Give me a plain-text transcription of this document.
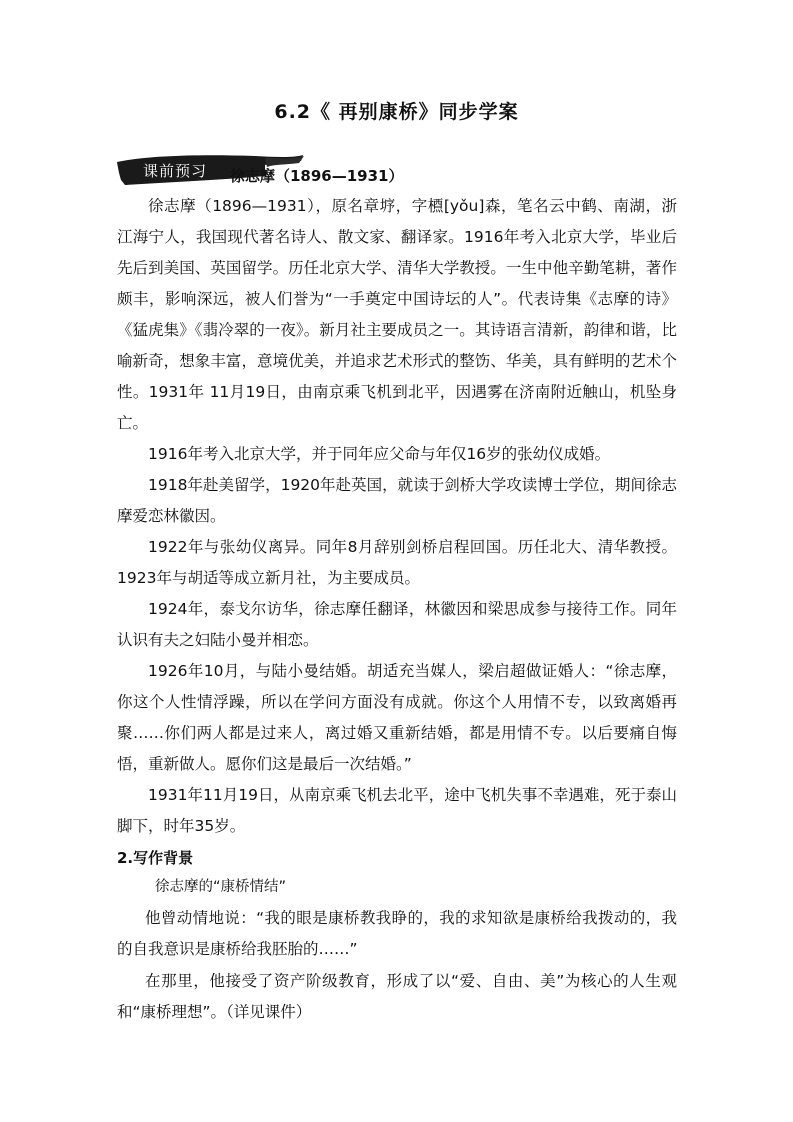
6.2《 再别康桥》同步学案
课前预习 徐志摩（1896—1931）

徐志摩（1896—1931），原名章垿，字槱[yǒu]森，笔名云中鹤、南湖，浙江海宁人，我国现代著名诗人、散文家、翻译家。1916年考入北京大学，毕业后先后到美国、英国留学。历任北京大学、清华大学教授。一生中他辛勤笔耕，著作颇丰，影响深远，被人们誉为“一手奠定中国诗坛的人”。代表诗集《志摩的诗》《猛虎集》《翡冷翠的一夜》。新月社主要成员之一。其诗语言清新，韵律和谐，比喻新奇，想象丰富，意境优美，并追求艺术形式的整饬、华美，具有鲜明的艺术个性。1931年 11月19日，由南京乘飞机到北平，因遇雾在济南附近触山，机坠身亡。

1916年考入北京大学，并于同年应父命与年仅16岁的张幼仪成婚。

1918年赴美留学，1920年赴英国，就读于剑桥大学攻读博士学位，期间徐志摩爱恋林徽因。

1922年与张幼仪离异。同年8月辞别剑桥启程回国。历任北大、清华教授。1923年与胡适等成立新月社，为主要成员。

1924年，泰戈尔访华，徐志摩任翻译，林徽因和梁思成参与接待工作。同年认识有夫之妇陆小曼并相恋。

1926年10月，与陆小曼结婚。胡适充当媒人，梁启超做证婚人：“徐志摩，你这个人性情浮躁，所以在学问方面没有成就。你这个人用情不专，以致离婚再聚……你们两人都是过来人，离过婚又重新结婚，都是用情不专。以后要痛自悔悟，重新做人。愿你们这是最后一次结婚。”

1931年11月19日，从南京乘飞机去北平，途中飞机失事不幸遇难，死于泰山脚下，时年35岁。

2.写作背景
徐志摩的“康桥情结”

他曾动情地说：“我的眼是康桥教我睁的，我的求知欲是康桥给我拨动的，我的自我意识是康桥给我胚胎的……”

在那里，他接受了资产阶级教育，形成了以“爱、自由、美”为核心的人生观和“康桥理想”。（详见课件）
